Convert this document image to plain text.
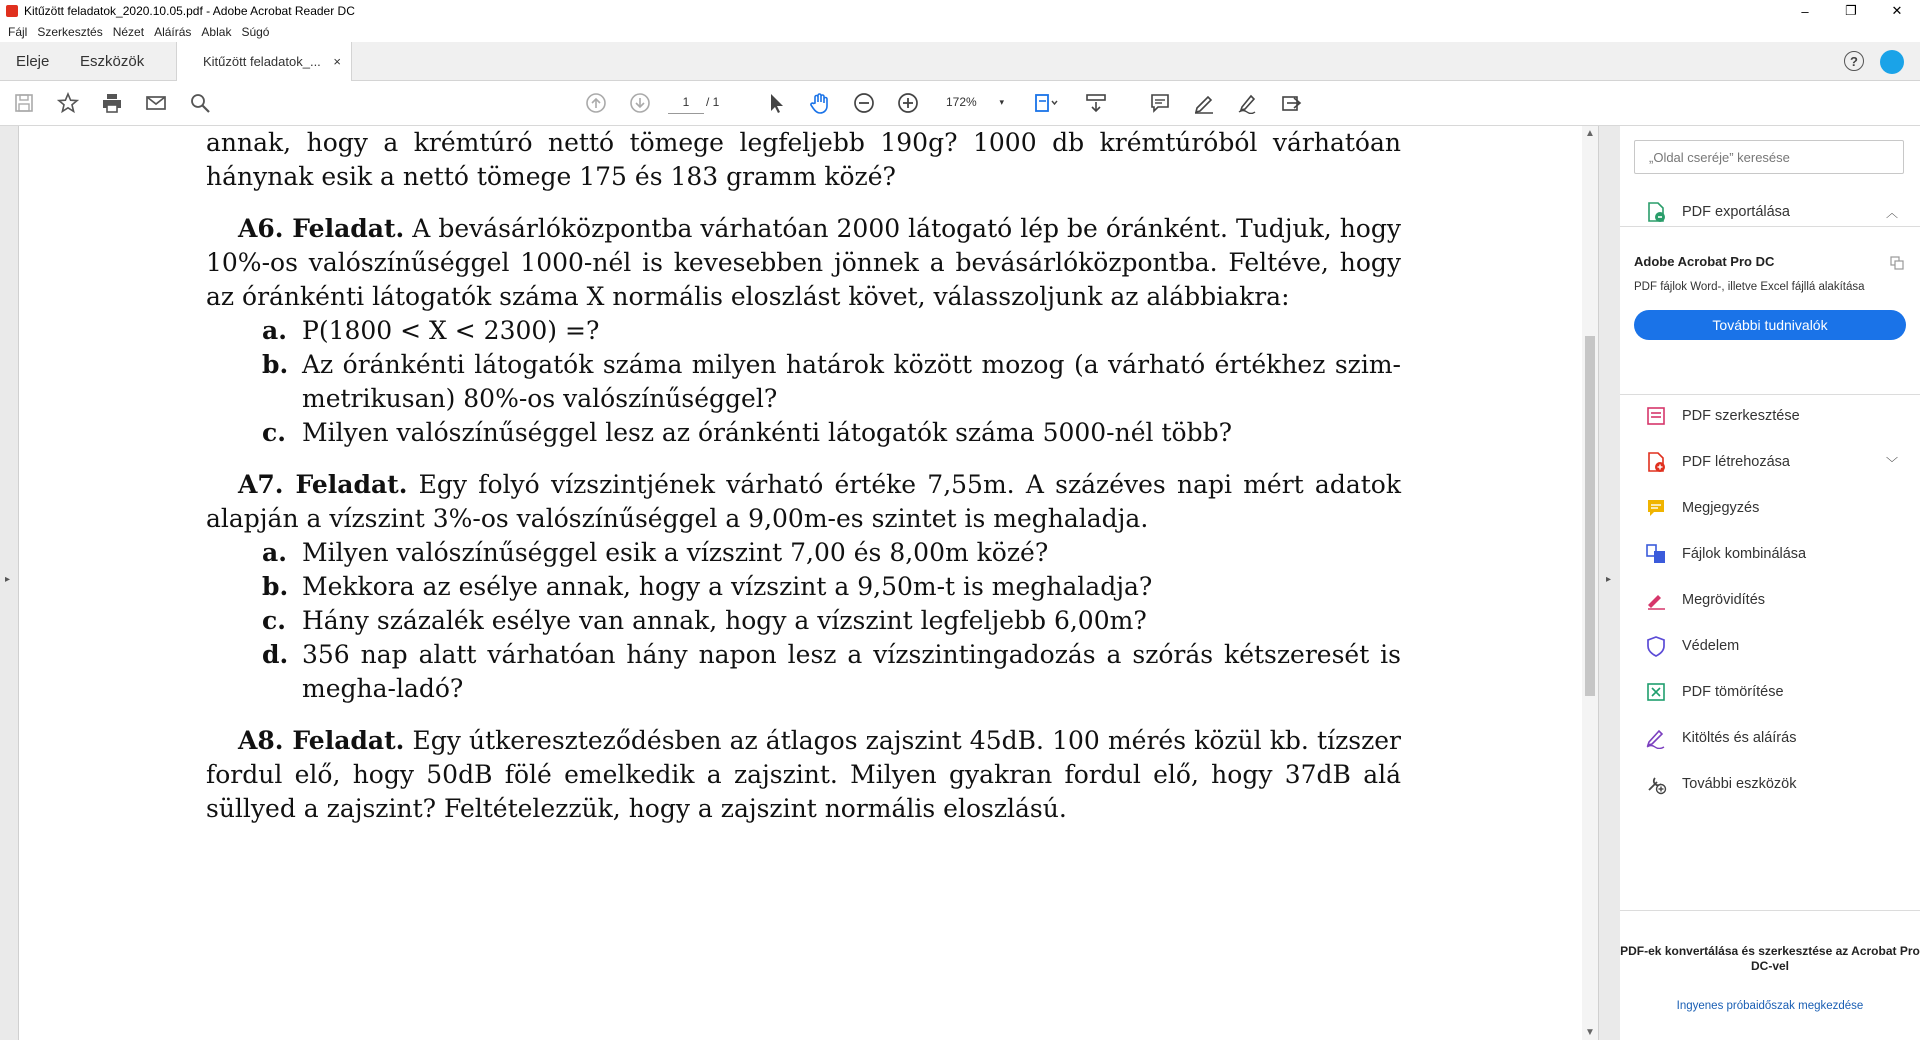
Kitűzött feladatok_2020.10.05.pdf - Adobe Acrobat Reader DC	–	❐	✕
Fájl Szerkesztés Nézet Aláírás Ablak Súgó
Eleje Eszközök	Kitűzött feladatok_... ×	?
1	/ 1	172%	▾
▸
annak, hogy a krémtúró nettó tömege legfeljebb 190g? 1000 db krémtúróból várhatóan hánynak esik a nettó tömege 175 és 183 gramm közé?
A6. Feladat. A bevásárlóközpontba várhatóan 2000 látogató lép be óránként. Tudjuk, hogy 10%-os valószínűséggel 1000-nél is kevesebben jönnek a bevásárlóközpontba. Feltéve, hogy az óránkénti látogatók száma X normális eloszlást követ, válasszoljunk az alábbiakra:
a. P(1800 < X < 2300) =?
b. Az óránkénti látogatók száma milyen határok között mozog (a várható értékhez szim-metrikusan) 80%-os valószínűséggel?
c. Milyen valószínűséggel lesz az óránkénti látogatók száma 5000-nél több?
A7. Feladat. Egy folyó vízszintjének várható értéke 7,55m. A százéves napi mért adatok alapján a vízszint 3%-os valószínűséggel a 9,00m-es szintet is meghaladja.
a. Milyen valószínűséggel esik a vízszint 7,00 és 8,00m közé?
b. Mekkora az esélye annak, hogy a vízszint a 9,50m-t is meghaladja?
c. Hány százalék esélye van annak, hogy a vízszint legfeljebb 6,00m?
d. 356 nap alatt várhatóan hány napon lesz a vízszintingadozás a szórás kétszeresét is megha-ladó?
A8. Feladat. Egy útkereszteződésben az átlagos zajszint 45dB. 100 mérés közül kb. tízszer fordul elő, hogy 50dB fölé emelkedik a zajszint. Milyen gyakran fordul elő, hogy 37dB alá süllyed a zajszint? Feltételezzük, hogy a zajszint normális eloszlású.
▲
▼
▸
„Oldal cseréje” keresése
PDF exportálása	︿
Adobe Acrobat Pro DC
PDF fájlok Word-, illetve Excel fájllá alakítása
További tudnivalók
PDF szerkesztése
PDF létrehozása	﹀
Megjegyzés
Fájlok kombinálása
Megrövidítés
Védelem
PDF tömörítése
Kitöltés és aláírás
További eszközök
PDF-ek konvertálása és szerkesztése az Acrobat Pro DC-vel
Ingyenes próbaidőszak megkezdése
